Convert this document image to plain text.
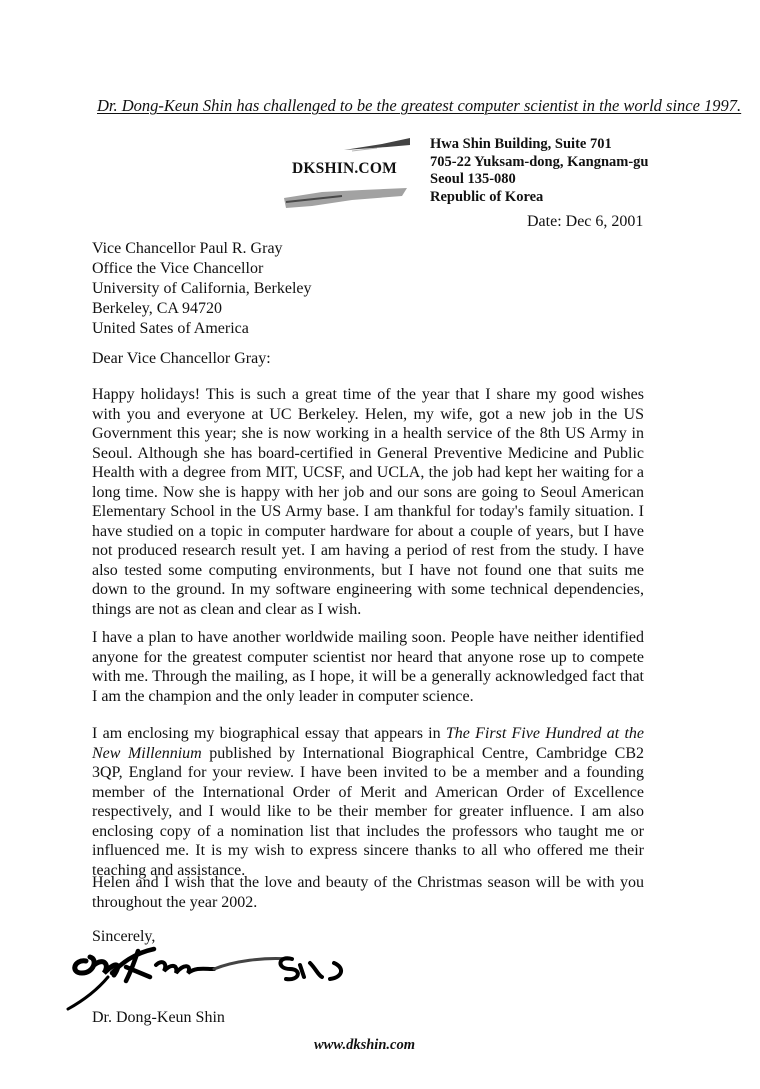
Dr. Dong-Keun Shin has challenged to be the greatest computer scientist in the world since 1997.
DKSHIN.COM
Hwa Shin Building, Suite 701
705-22 Yuksam-dong, Kangnam-gu
Seoul 135-080
Republic of Korea
Date: Dec 6, 2001
Vice Chancellor Paul R. Gray
Office the Vice Chancellor
University of California, Berkeley
Berkeley, CA 94720
United Sates of America
Dear Vice Chancellor Gray:

Happy holidays! This is such a great time of the year that I share my good wishes with you and everyone at UC Berkeley. Helen, my wife, got a new job in the US Government this year; she is now working in a health service of the 8th US Army in Seoul. Although she has board-certified in General Preventive Medicine and Public Health with a degree from MIT, UCSF, and UCLA, the job had kept her waiting for a long time. Now she is happy with her job and our sons are going to Seoul American Elementary School in the US Army base. I am thankful for today's family situation. I have studied on a topic in computer hardware for about a couple of years, but I have not produced research result yet. I am having a period of rest from the study. I have also tested some computing environments, but I have not found one that suits me down to the ground. In my software engineering with some technical dependencies, things are not as clean and clear as I wish.

I have a plan to have another worldwide mailing soon. People have neither identified anyone for the greatest computer scientist nor heard that anyone rose up to compete with me. Through the mailing, as I hope, it will be a generally acknowledged fact that I am the champion and the only leader in computer science.

I am enclosing my biographical essay that appears in The First Five Hundred at the New Millennium published by International Biographical Centre, Cambridge CB2 3QP, England for your review. I have been invited to be a member and a founding member of the International Order of Merit and American Order of Excellence respectively, and I would like to be their member for greater influence. I am also enclosing copy of a nomination list that includes the professors who taught me or influenced me. It is my wish to express sincere thanks to all who offered me their teaching and assistance.

Helen and I wish that the love and beauty of the Christmas season will be with you throughout the year 2002.

Sincerely,
Dr. Dong-Keun Shin
www.dkshin.com
